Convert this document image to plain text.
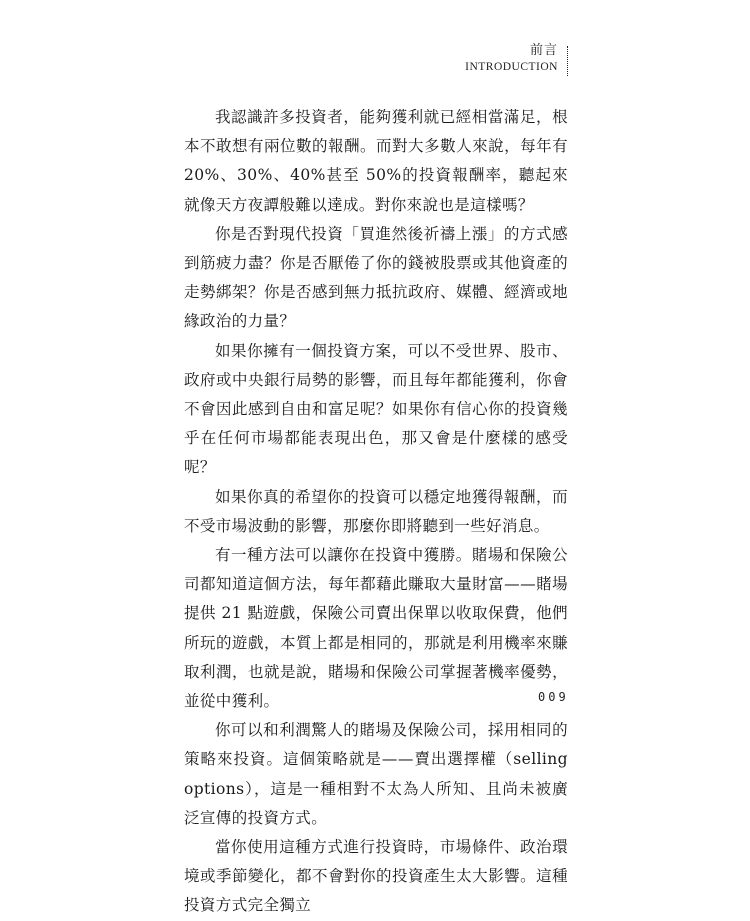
前言
INTRODUCTION

我認識許多投資者，能夠獲利就已經相當滿足，根本不敢想有兩位數的報酬。而對大多數人來說，每年有 20%、30%、40%甚至 50%的投資報酬率，聽起來就像天方夜譚般難以達成。對你來說也是這樣嗎？

你是否對現代投資「買進然後祈禱上漲」的方式感到筋疲力盡？你是否厭倦了你的錢被股票或其他資產的走勢綁架？你是否感到無力抵抗政府、媒體、經濟或地緣政治的力量？

如果你擁有一個投資方案，可以不受世界、股市、政府或中央銀行局勢的影響，而且每年都能獲利，你會不會因此感到自由和富足呢？如果你有信心你的投資幾乎在任何市場都能表現出色，那又會是什麼樣的感受呢？

如果你真的希望你的投資可以穩定地獲得報酬，而不受市場波動的影響，那麼你即將聽到一些好消息。

有一種方法可以讓你在投資中獲勝。賭場和保險公司都知道這個方法，每年都藉此賺取大量財富——賭場提供 21 點遊戲，保險公司賣出保單以收取保費，他們所玩的遊戲，本質上都是相同的，那就是利用機率來賺取利潤，也就是說，賭場和保險公司掌握著機率優勢，並從中獲利。

你可以和利潤驚人的賭場及保險公司，採用相同的策略來投資。這個策略就是——賣出選擇權（selling options），這是一種相對不太為人所知、且尚未被廣泛宣傳的投資方式。

當你使用這種方式進行投資時，市場條件、政治環境或季節變化，都不會對你的投資產生太大影響。這種投資方式完全獨立

009
